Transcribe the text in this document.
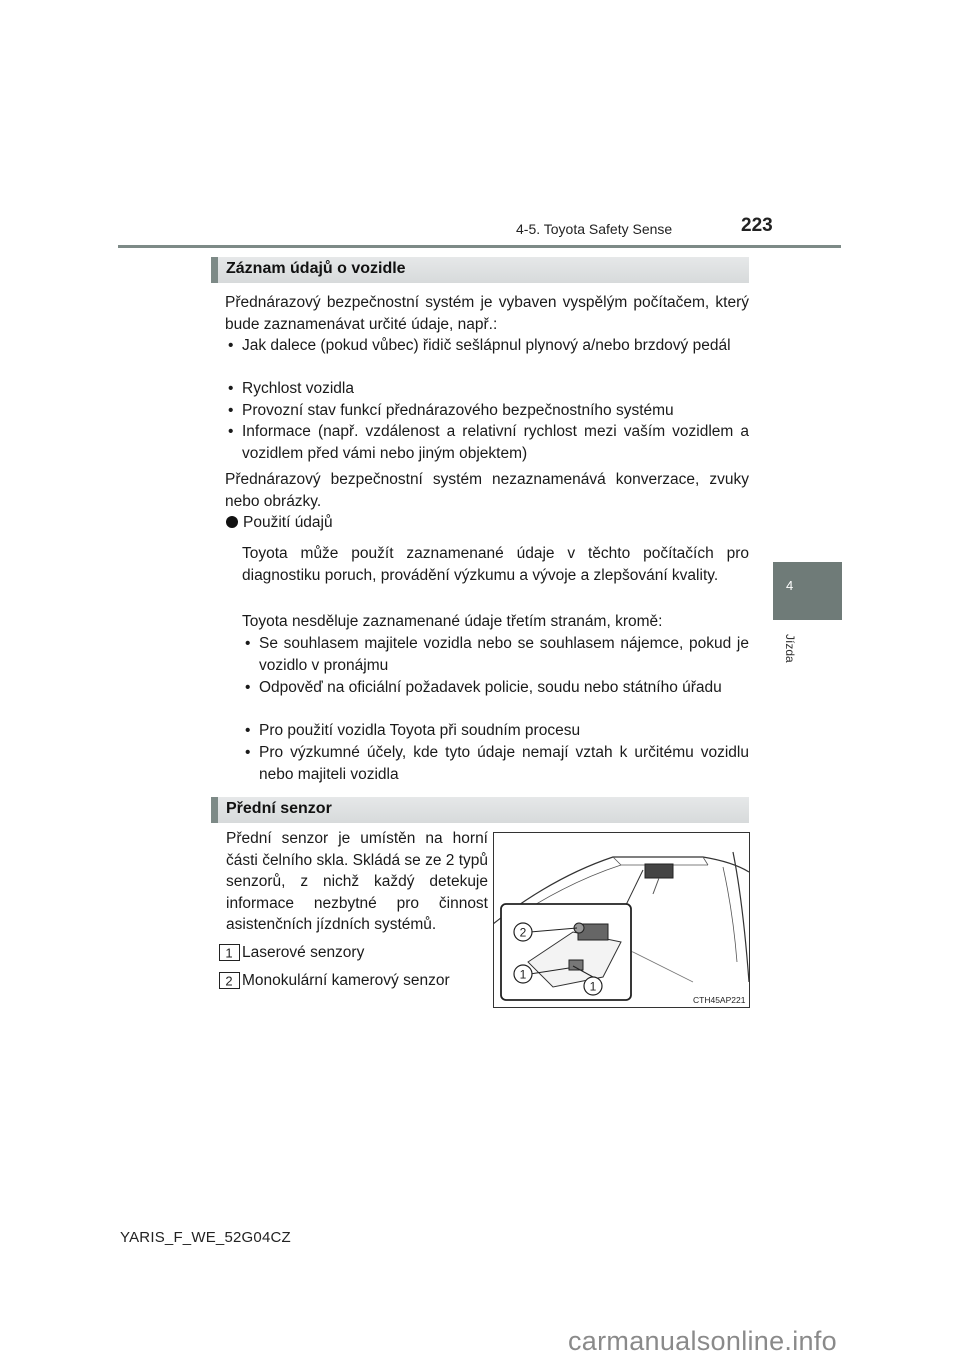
4-5. Toyota Safety Sense	223
4
Jízda
Záznam údajů o vozidle
Přednárazový bezpečnostní systém je vybaven vyspělým počítačem, který bude zaznamenávat určité údaje, např.:
• Jak dalece (pokud vůbec) řidič sešlápnul plynový a/nebo brzdový pedál
• Rychlost vozidla
• Provozní stav funkcí přednárazového bezpečnostního systému
• Informace (např. vzdálenost a relativní rychlost mezi vaším vozidlem a vozidlem před vámi nebo jiným objektem)
Přednárazový bezpečnostní systém nezaznamenává konverzace, zvuky nebo obrázky.
Použití údajů
Toyota může použít zaznamenané údaje v těchto počítačích pro diagnostiku poruch, provádění výzkumu a vývoje a zlepšování kvality.
Toyota nesděluje zaznamenané údaje třetím stranám, kromě:
• Se souhlasem majitele vozidla nebo se souhlasem nájemce, pokud je vozidlo v pronájmu
• Odpověď na oficiální požadavek policie, soudu nebo státního úřadu
• Pro použití vozidla Toyota při soudním procesu
• Pro výzkumné účely, kde tyto údaje nemají vztah k určitému vozidlu nebo majiteli vozidla
Přední senzor
Přední senzor je umístěn na horní části čelního skla. Skládá se ze 2 typů senzorů, z nichž každý detekuje informace nezbytné pro činnost asistenčních jízdních systémů.
1 Laserové senzory
2 Monokulární kamerový senzor
2
1
1
CTH45AP221
YARIS_F_WE_52G04CZ
carmanualsonline.info
